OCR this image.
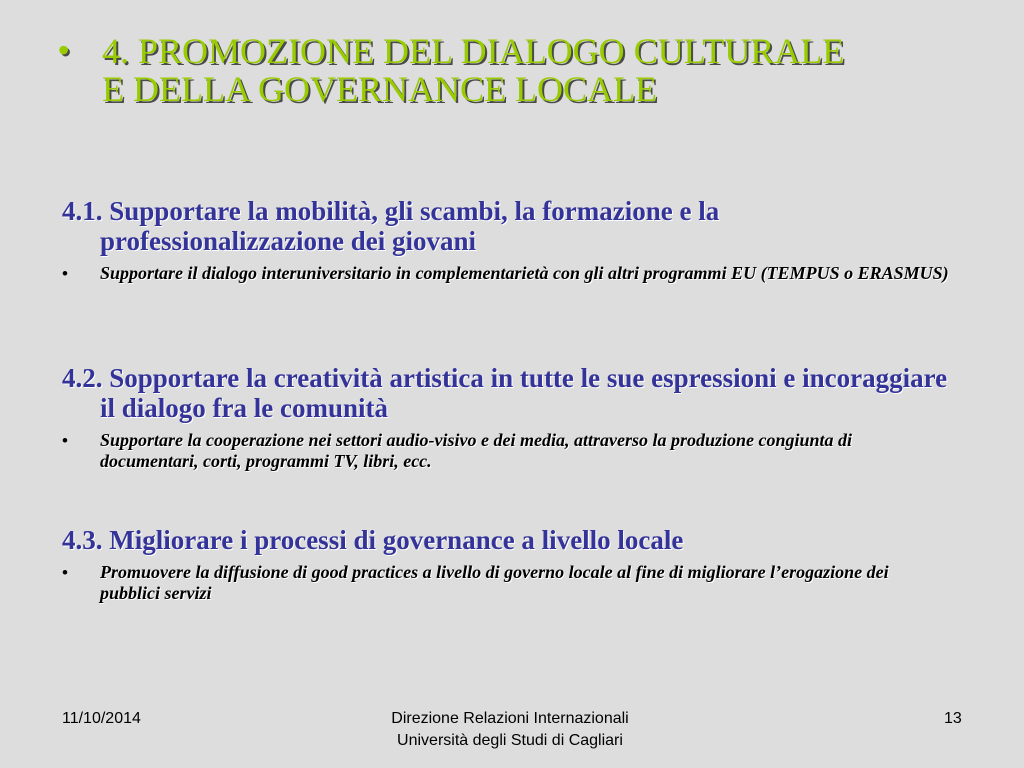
• 4. PROMOZIONE DEL DIALOGO CULTURALE E DELLA GOVERNANCE LOCALE
4.1. Supportare la mobilità, gli scambi, la formazione e la professionalizzazione dei giovani
• Supportare il dialogo interuniversitario in complementarietà con gli altri programmi EU (TEMPUS o ERASMUS)
4.2. Sopportare la creatività artistica in tutte le sue espressioni e incoraggiare il dialogo fra le comunità
• Supportare la cooperazione nei settori audio-visivo e dei media, attraverso la produzione congiunta di documentari, corti, programmi TV, libri, ecc.
4.3. Migliorare i processi di governance a livello locale
• Promuovere la diffusione di good practices a livello di governo locale al fine di migliorare l’erogazione dei pubblici servizi
11/10/2014	Direzione Relazioni Internazionali
Università degli Studi di Cagliari
13
